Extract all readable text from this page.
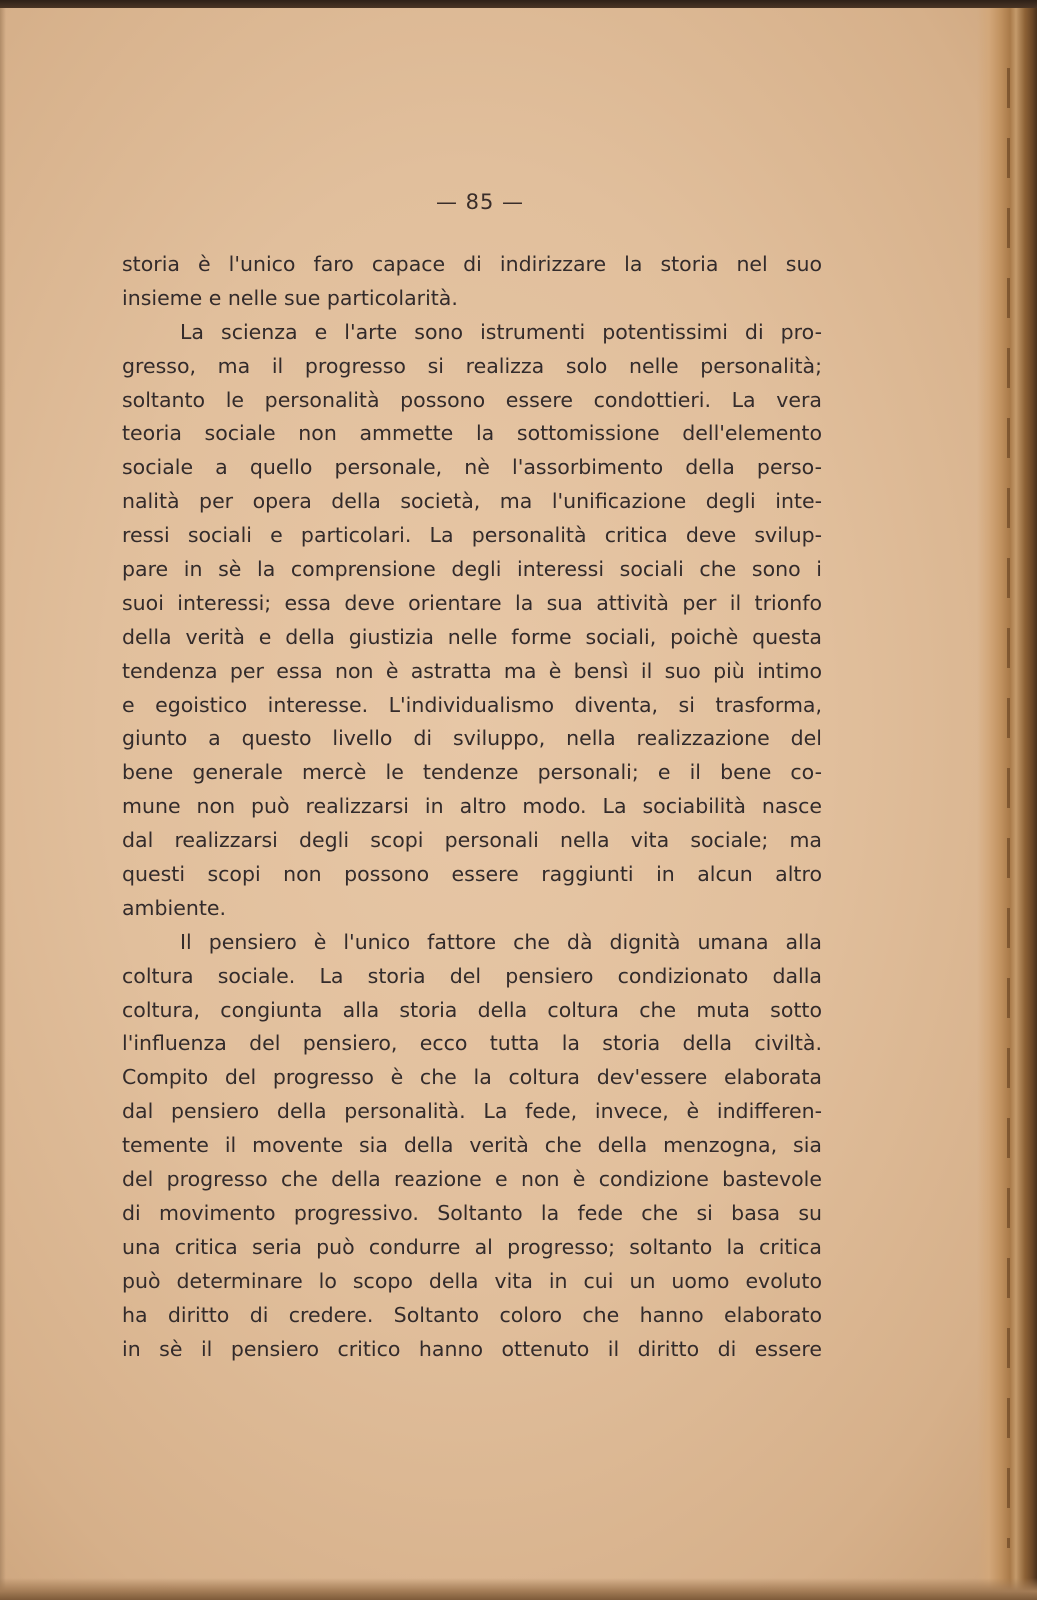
— 85 —
storia è l'unico faro capace di indirizzare la storia nel suo
insieme e nelle sue particolarità.
La scienza e l'arte sono istrumenti potentissimi di pro-
gresso, ma il progresso si realizza solo nelle personalità;
soltanto le personalità possono essere condottieri. La vera
teoria sociale non ammette la sottomissione dell'elemento
sociale a quello personale, nè l'assorbimento della perso-
nalità per opera della società, ma l'unificazione degli inte-
ressi sociali e particolari. La personalità critica deve svilup-
pare in sè la comprensione degli interessi sociali che sono i
suoi interessi; essa deve orientare la sua attività per il trionfo
della verità e della giustizia nelle forme sociali, poichè questa
tendenza per essa non è astratta ma è bensì il suo più intimo
e egoistico interesse. L'individualismo diventa, si trasforma,
giunto a questo livello di sviluppo, nella realizzazione del
bene generale mercè le tendenze personali; e il bene co-
mune non può realizzarsi in altro modo. La sociabilità nasce
dal realizzarsi degli scopi personali nella vita sociale; ma
questi scopi non possono essere raggiunti in alcun altro
ambiente.
Il pensiero è l'unico fattore che dà dignità umana alla
coltura sociale. La storia del pensiero condizionato dalla
coltura, congiunta alla storia della coltura che muta sotto
l'influenza del pensiero, ecco tutta la storia della civiltà.
Compito del progresso è che la coltura dev'essere elaborata
dal pensiero della personalità. La fede, invece, è indifferen-
temente il movente sia della verità che della menzogna, sia
del progresso che della reazione e non è condizione bastevole
di movimento progressivo. Soltanto la fede che si basa su
una critica seria può condurre al progresso; soltanto la critica
può determinare lo scopo della vita in cui un uomo evoluto
ha diritto di credere. Soltanto coloro che hanno elaborato
in sè il pensiero critico hanno ottenuto il diritto di essere
